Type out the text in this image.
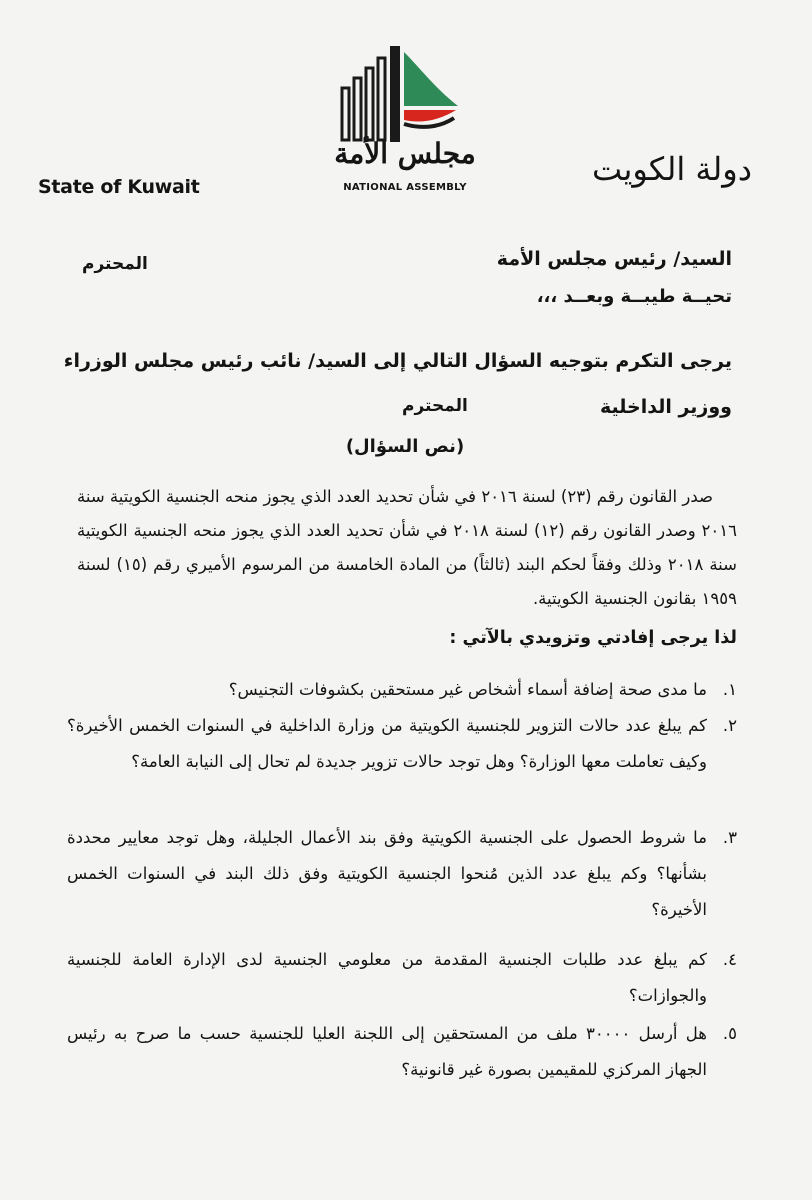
مجلس الأمة
NATIONAL ASSEMBLY
State of Kuwait	دولة الكويت
السيد/ رئيس مجلس الأمة
المحترم
تحيــة طيبــة وبعــد ،،،
يرجى التكرم بتوجيه السؤال التالي إلى السيد/ نائب رئيس مجلس الوزراء
ووزير الداخلية
المحترم
(نص السؤال)
صدر القانون رقم (٢٣) لسنة ٢٠١٦ في شأن تحديد العدد الذي يجوز منحه الجنسية الكويتية سنة ٢٠١٦ وصدر القانون رقم (١٢) لسنة ٢٠١٨ في شأن تحديد العدد الذي يجوز منحه الجنسية الكويتية سنة ٢٠١٨ وذلك وفقاً لحكم البند (ثالثاً) من المادة الخامسة من المرسوم الأميري رقم (١٥) لسنة ١٩٥٩ بقانون الجنسية الكويتية.
لذا يرجى إفادتي وتزويدي بالآتي :
١.
ما مدى صحة إضافة أسماء أشخاص غير مستحقين بكشوفات التجنيس؟
٢.
كم يبلغ عدد حالات التزوير للجنسية الكويتية من وزارة الداخلية في السنوات الخمس الأخيرة؟ وكيف تعاملت معها الوزارة؟ وهل توجد حالات تزوير جديدة لم تحال إلى النيابة العامة؟
٣.
ما شروط الحصول على الجنسية الكويتية وفق بند الأعمال الجليلة، وهل توجد معايير محددة بشأنها؟ وكم يبلغ عدد الذين مُنحوا الجنسية الكويتية وفق ذلك البند في السنوات الخمس الأخيرة؟
٤.
كم يبلغ عدد طلبات الجنسية المقدمة من معلومي الجنسية لدى الإدارة العامة للجنسية والجوازات؟
٥.
هل أرسل ٣٠٠٠٠ ملف من المستحقين إلى اللجنة العليا للجنسية حسب ما صرح به رئيس الجهاز المركزي للمقيمين بصورة غير قانونية؟
